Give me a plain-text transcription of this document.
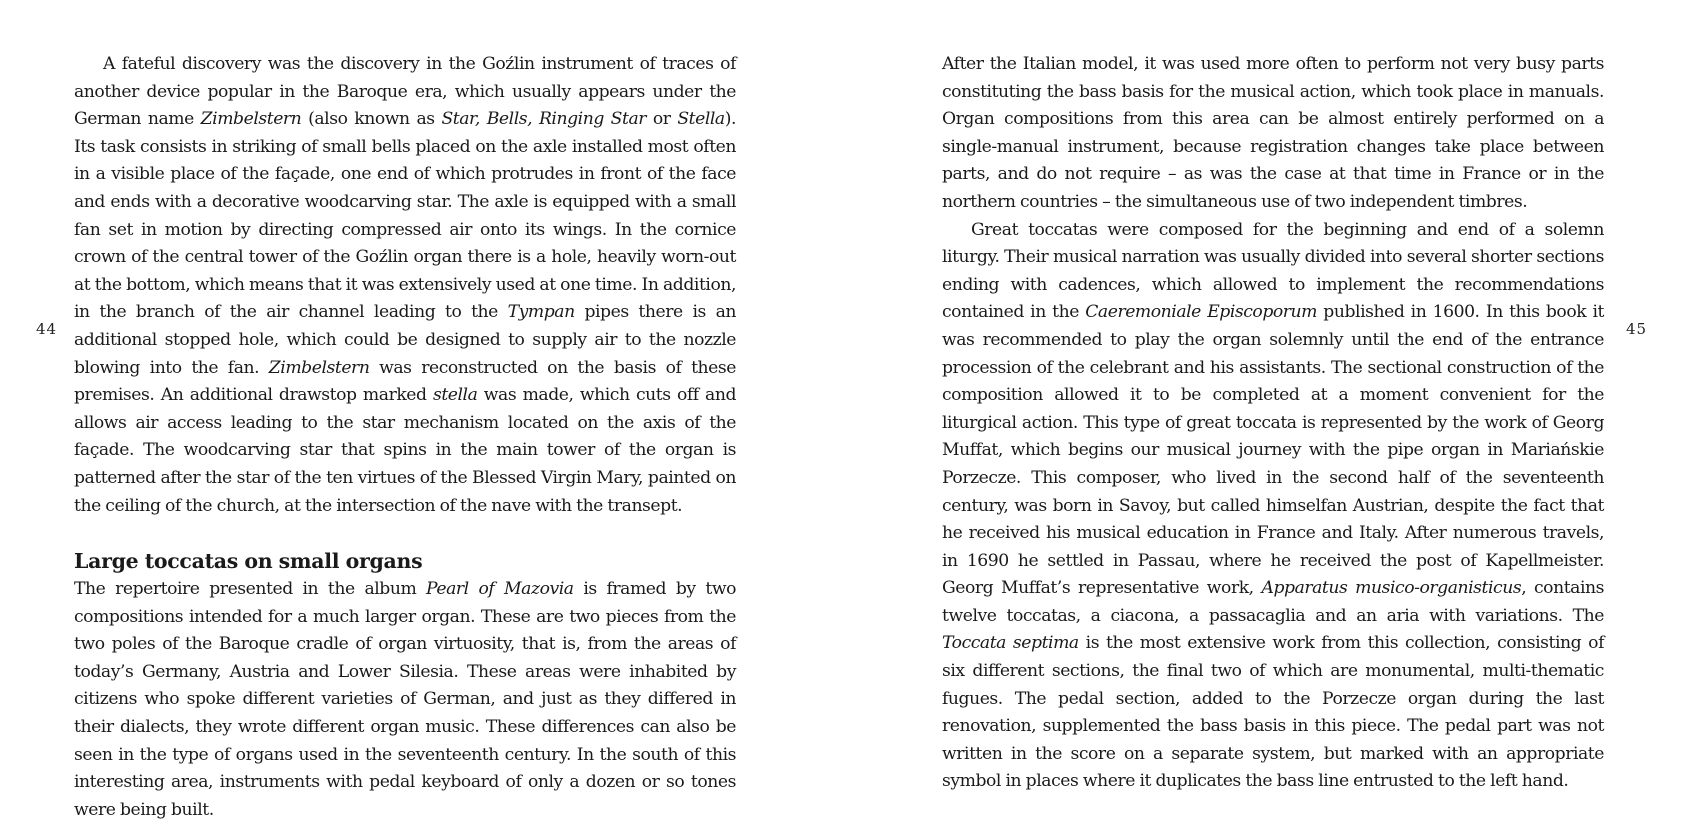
44	45

A fateful discovery was the discovery in the Goźlin instrument of traces of another device popular in the Baroque era, which usually appears under the German name Zimbelstern (also known as Star, Bells, Ringing Star or Stella). Its task consists in striking of small bells placed on the axle installed most often in a visible place of the façade, one end of which protrudes in front of the face and ends with a decorative woodcarving star. The axle is equipped with a small fan set in motion by directing compressed air onto its wings. In the cornice crown of the central tower of the Goźlin organ there is a hole, heavily worn-out at the bottom, which means that it was extensively used at one time. In addition, in the branch of the air channel leading to the Tympan pipes there is an additional stopped hole, which could be designed to supply air to the nozzle blowing into the fan. Zimbelstern was reconstructed on the basis of these premises. An additional drawstop marked stella was made, which cuts off and allows air access leading to the star mechanism located on the axis of the façade. The woodcarving star that spins in the main tower of the organ is patterned after the star of the ten virtues of the Blessed Virgin Mary, painted on the ceiling of the church, at the intersection of the nave with the transept.

Large toccatas on small organs

The repertoire presented in the album Pearl of Mazovia is framed by two compositions intended for a much larger organ. These are two pieces from the two poles of the Baroque cradle of organ virtuosity, that is, from the areas of today’s Germany, Austria and Lower Silesia. These areas were inhabited by citizens who spoke different varieties of German, and just as they differed in their dialects, they wrote different organ music. These differences can also be seen in the type of organs used in the seventeenth century. In the south of this interesting area, instruments with pedal keyboard of only a dozen or so tones were being built.

After the Italian model, it was used more often to perform not very busy parts constituting the bass basis for the musical action, which took place in manuals. Organ compositions from this area can be almost entirely performed on a single-manual instrument, because registration changes take place between parts, and do not require – as was the case at that time in France or in the northern countries – the simultaneous use of two independent timbres.

Great toccatas were composed for the beginning and end of a solemn liturgy. Their musical narration was usually divided into several shorter sections ending with cadences, which allowed to implement the recommendations contained in the Caeremoniale Episcoporum published in 1600. In this book it was recommended to play the organ solemnly until the end of the entrance procession of the celebrant and his assistants. The sectional construction of the composition allowed it to be completed at a moment convenient for the liturgical action. This type of great toccata is represented by the work of Georg Muffat, which begins our musical journey with the pipe organ in Mariańskie Porzecze. This composer, who lived in the second half of the seventeenth century, was born in Savoy, but called himselfan Austrian, despite the fact that he received his musical education in France and Italy. After numerous travels, in 1690 he settled in Passau, where he received the post of Kapellmeister. Georg Muffat’s representative work, Apparatus musico-organisticus, contains twelve toccatas, a ciacona, a passacaglia and an aria with variations. The Toccata septima is the most extensive work from this collection, consisting of six different sections, the final two of which are monumental, multi-thematic fugues. The pedal section, added to the Porzecze organ during the last renovation, supplemented the bass basis in this piece. The pedal part was not written in the score on a separate system, but marked with an appropriate symbol in places where it duplicates the bass line entrusted to the left hand.
